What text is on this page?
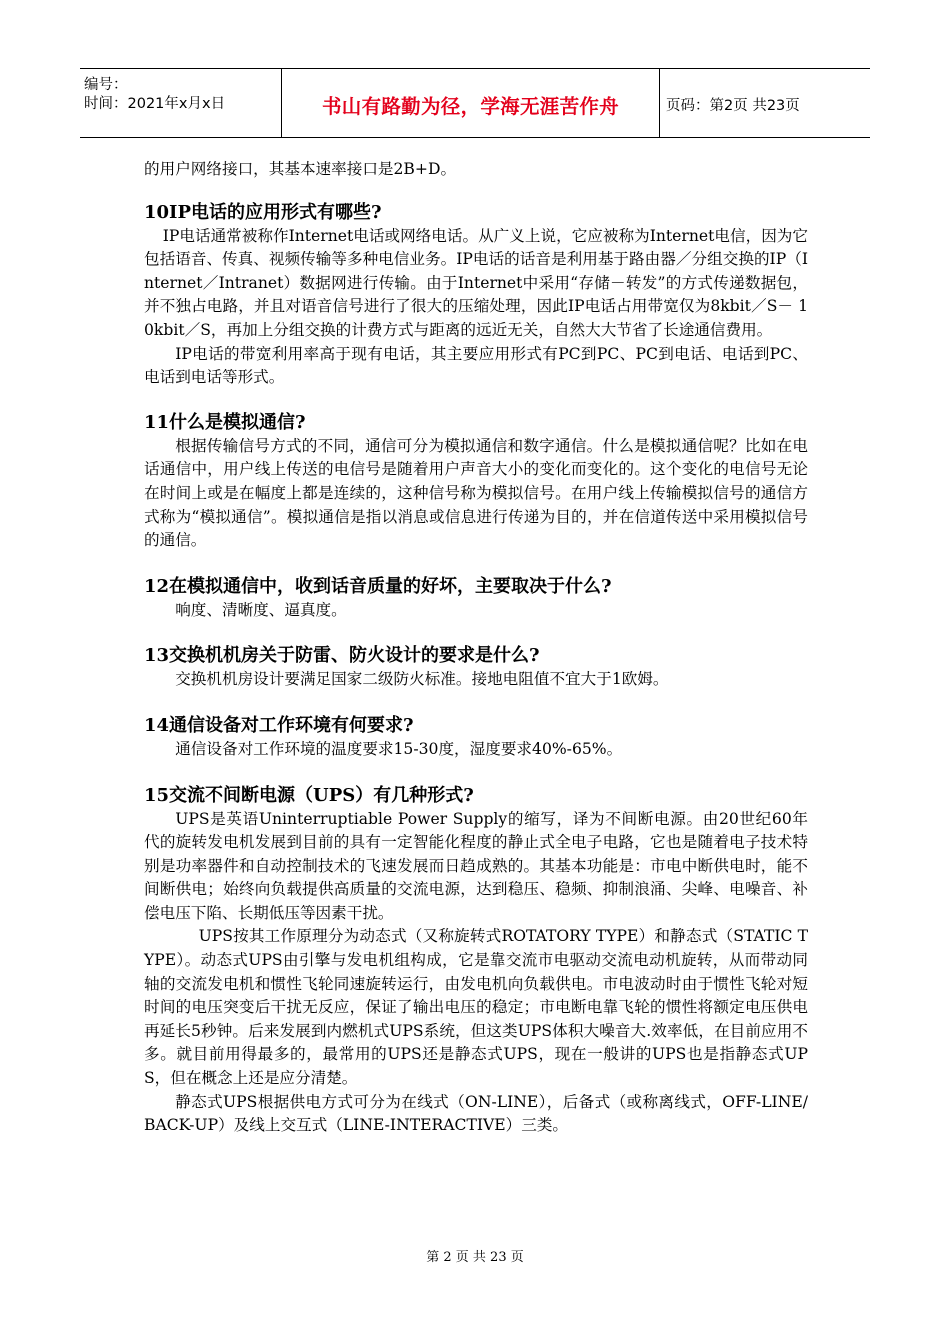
编号：
时间：2021年x月x日	书山有路勤为径，学海无涯苦作舟	页码：第2页 共23页

的用户网络接口，其基本速率接口是2B+D。

10IP电话的应用形式有哪些?

IP电话通常被称作Internet电话或网络电话。从广义上说，它应被称为Internet电信，因为它包括语音、传真、视频传输等多种电信业务。IP电话的话音是利用基于路由器／分组交换的IP（Internet／Intranet）数据网进行传输。由于Internet中采用“存储－转发”的方式传递数据包，并不独占电路，并且对语音信号进行了很大的压缩处理，因此IP电话占用带宽仅为8kbit／S－ 10kbit／S，再加上分组交换的计费方式与距离的远近无关，自然大大节省了长途通信费用。

IP电话的带宽利用率高于现有电话，其主要应用形式有PC到PC、PC到电话、电话到PC、电话到电话等形式。

11什么是模拟通信?

根据传输信号方式的不同，通信可分为模拟通信和数字通信。什么是模拟通信呢？比如在电话通信中，用户线上传送的电信号是随着用户声音大小的变化而变化的。这个变化的电信号无论在时间上或是在幅度上都是连续的，这种信号称为模拟信号。在用户线上传输模拟信号的通信方式称为“模拟通信”。模拟通信是指以消息或信息进行传递为目的，并在信道传送中采用模拟信号的通信。

12在模拟通信中，收到话音质量的好坏，主要取决于什么?

响度、清晰度、逼真度。

13交换机机房关于防雷、防火设计的要求是什么?

交换机机房设计要满足国家二级防火标准。接地电阻值不宜大于1欧姆。

14通信设备对工作环境有何要求?

通信设备对工作环境的温度要求15-30度，湿度要求40%-65%。

15交流不间断电源（UPS）有几种形式?

UPS是英语Uninterruptiable Power Supply的缩写，译为不间断电源。由20世纪60年代的旋转发电机发展到目前的具有一定智能化程度的静止式全电子电路，它也是随着电子技术特别是功率器件和自动控制技术的飞速发展而日趋成熟的。其基本功能是：市电中断供电时，能不间断供电；始终向负载提供高质量的交流电源，达到稳压、稳频、抑制浪涌、尖峰、电噪音、补偿电压下陷、长期低压等因素干扰。

UPS按其工作原理分为动态式（又称旋转式ROTATORY TYPE）和静态式（STATIC TYPE）。动态式UPS由引擎与发电机组构成，它是靠交流市电驱动交流电动机旋转，从而带动同轴的交流发电机和惯性飞轮同速旋转运行，由发电机向负载供电。市电波动时由于惯性飞轮对短时间的电压突变后干扰无反应，保证了输出电压的稳定；市电断电靠飞轮的惯性将额定电压供电再延长5秒钟。后来发展到内燃机式UPS系统，但这类UPS体积大噪音大.效率低，在目前应用不多。就目前用得最多的，最常用的UPS还是静态式UPS，现在一般讲的UPS也是指静态式UPS，但在概念上还是应分清楚。

静态式UPS根据供电方式可分为在线式（ON-LINE），后备式（或称离线式，OFF-LINE/BACK-UP）及线上交互式（LINE-INTERACTIVE）三类。

第 2 页 共 23 页
